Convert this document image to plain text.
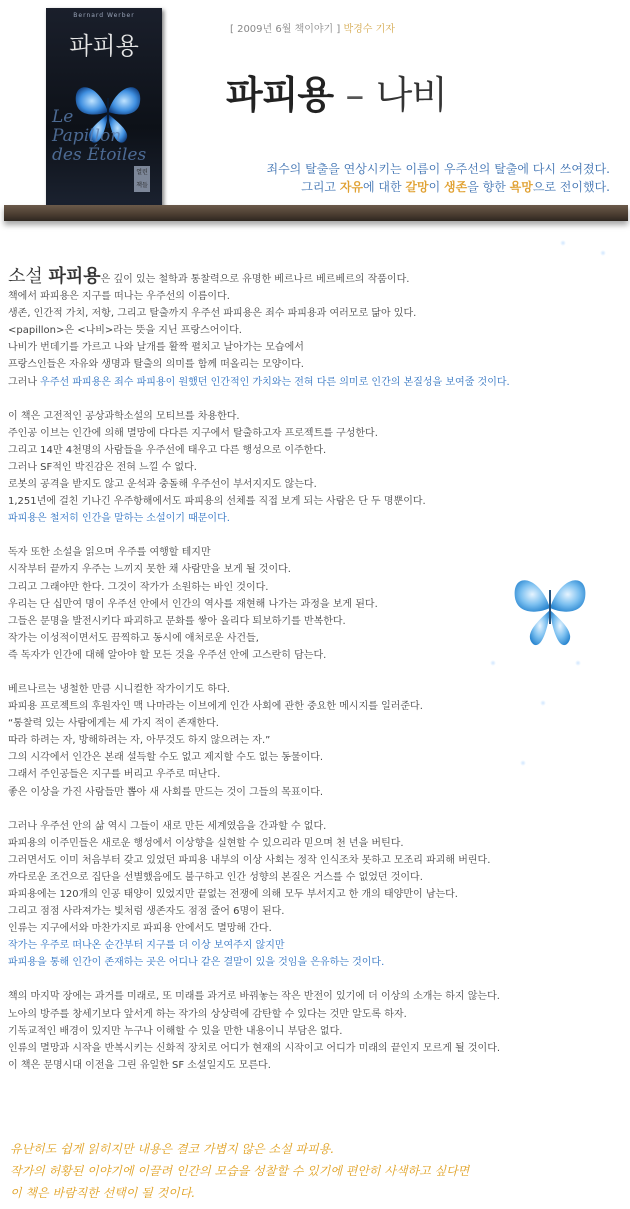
Bernard Werber
파피용
Le
Papillon
des Étoiles
열린책들
[ 2009년 6월 책이야기 ] 박경수 기자
파피용 – 나비
죄수의 탈출을 연상시키는 이름이 우주선의 탈출에 다시 쓰여졌다.
그리고 자유에 대한 갈망이 생존을 향한 욕망으로 전이했다.
소설 파피용은 깊이 있는 철학과 통찰력으로 유명한 베르나르 베르베르의 작품이다.
책에서 파피용은 지구를 떠나는 우주선의 이름이다.
생존, 인간적 가치, 저항, 그리고 탈출까지 우주선 파피용은 죄수 파피용과 여러모로 닮아 있다.
<papillon>은 <나비>라는 뜻을 지닌 프랑스어이다.
나비가 번데기를 가르고 나와 날개를 활짝 펼치고 날아가는 모습에서
프랑스인들은 자유와 생명과 탈출의 의미를 함께 떠올리는 모양이다.
그러나 우주선 파피용은 죄수 파피용이 원했던 인간적인 가치와는 전혀 다른 의미로 인간의 본질성을 보여줄 것이다.
이 책은 고전적인 공상과학소설의 모티브를 차용한다.
주인공 이브는 인간에 의해 멸망에 다다른 지구에서 탈출하고자 프로젝트를 구성한다.
그리고 14만 4천명의 사람들을 우주선에 태우고 다른 행성으로 이주한다.
그러나 SF적인 박진감은 전혀 느낄 수 없다.
로봇의 공격을 받지도 않고 운석과 충돌해 우주선이 부서지지도 않는다.
1,251년에 걸친 기나긴 우주항해에서도 파피용의 선체를 직접 보게 되는 사람은 단 두 명뿐이다.
파피용은 철저히 인간을 말하는 소설이기 때문이다.
독자 또한 소설을 읽으며 우주를 여행할 테지만
시작부터 끝까지 우주는 느끼지 못한 채 사람만을 보게 될 것이다.
그리고 그래야만 한다. 그것이 작가가 소원하는 바인 것이다.
우리는 단 십만여 명이 우주선 안에서 인간의 역사를 재현해 나가는 과정을 보게 된다.
그들은 문명을 발전시키다 파괴하고 문화를 쌓아 올리다 퇴보하기를 반복한다.
작가는 이성적이면서도 끔찍하고 동시에 애처로운 사건들,
즉 독자가 인간에 대해 알아야 할 모든 것을 우주선 안에 고스란히 담는다.
베르나르는 냉철한 만큼 시니컬한 작가이기도 하다.
파피용 프로젝트의 후원자인 맥 나마라는 이브에게 인간 사회에 관한 중요한 메시지를 일러준다.
“통찰력 있는 사람에게는 세 가지 적이 존재한다.
따라 하려는 자, 방해하려는 자, 아무것도 하지 않으려는 자.”
그의 시각에서 인간은 본래 설득할 수도 없고 제지할 수도 없는 동물이다.
그래서 주인공들은 지구를 버리고 우주로 떠난다.
좋은 이상을 가진 사람들만 뽑아 새 사회를 만드는 것이 그들의 목표이다.
그러나 우주선 안의 삶 역시 그들이 새로 만든 세계였음을 간과할 수 없다.
파피용의 이주민들은 새로운 행성에서 이상향을 실현할 수 있으리라 믿으며 천 년을 버틴다.
그러면서도 이미 처음부터 갖고 있었던 파피용 내부의 이상 사회는 정작 인식조차 못하고 모조리 파괴해 버린다.
까다로운 조건으로 집단을 선별했음에도 불구하고 인간 성향의 본질은 거스를 수 없었던 것이다.
파피용에는 120개의 인공 태양이 있었지만 끝없는 전쟁에 의해 모두 부서지고 한 개의 태양만이 남는다.
그리고 점점 사라져가는 빛처럼 생존자도 점점 줄어 6명이 된다.
인류는 지구에서와 마찬가지로 파피용 안에서도 멸망해 간다.
작가는 우주로 떠나온 순간부터 지구를 더 이상 보여주지 않지만
파피용을 통해 인간이 존재하는 곳은 어디나 같은 결말이 있을 것임을 은유하는 것이다.
책의 마지막 장에는 과거를 미래로, 또 미래를 과거로 바꿔놓는 작은 반전이 있기에 더 이상의 소개는 하지 않는다.
노아의 방주를 창세기보다 앞서게 하는 작가의 상상력에 감탄할 수 있다는 것만 알도록 하자.
기독교적인 배경이 있지만 누구나 이해할 수 있을 만한 내용이니 부담은 없다.
인류의 멸망과 시작을 반복시키는 신화적 장치로 어디가 현재의 시작이고 어디가 미래의 끝인지 모르게 될 것이다.
이 책은 문명시대 이전을 그린 유일한 SF 소설일지도 모른다.
유난히도 쉽게 읽히지만 내용은 결코 가볍지 않은 소설 파피용.
작가의 허황된 이야기에 이끌려 인간의 모습을 성찰할 수 있기에 편안히 사색하고 싶다면
이 책은 바람직한 선택이 될 것이다.
